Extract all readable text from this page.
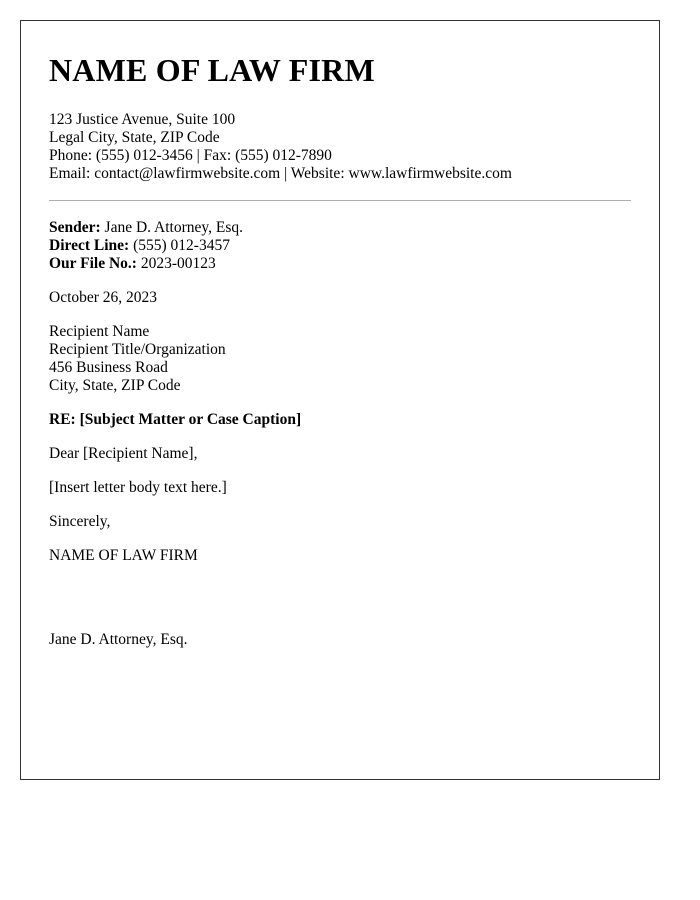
NAME OF LAW FIRM
123 Justice Avenue, Suite 100
Legal City, State, ZIP Code
Phone: (555) 012-3456 | Fax: (555) 012-7890
Email: contact@lawfirmwebsite.com | Website: www.lawfirmwebsite.com
Sender: Jane D. Attorney, Esq.
Direct Line: (555) 012-3457
Our File No.: 2023-00123
October 26, 2023
Recipient Name
Recipient Title/Organization
456 Business Road
City, State, ZIP Code
RE: [Subject Matter or Case Caption]
Dear [Recipient Name],
[Insert letter body text here.]
Sincerely,
NAME OF LAW FIRM
Jane D. Attorney, Esq.
